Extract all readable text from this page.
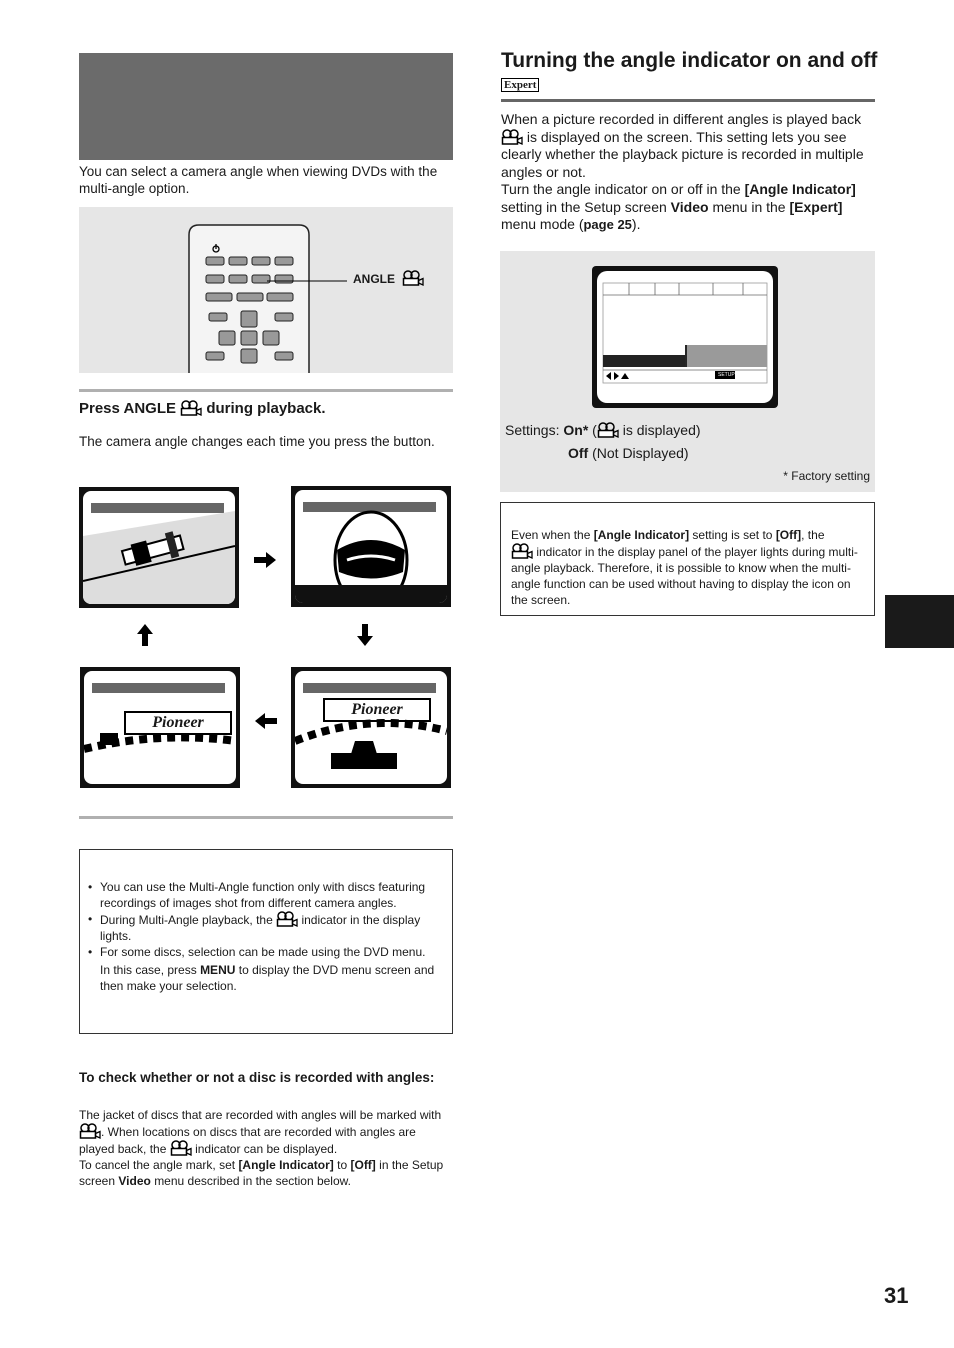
You can select a camera angle when viewing DVDs with the multi-angle option.
ANGLE
Press ANGLE during playback.
The camera angle changes each time you press the button.
Pioneer
Pioneer
• You can use the Multi-Angle function only with discs featuring recordings of images shot from different camera angles.
• During Multi-Angle playback, the indicator in the display lights.
• For some discs, selection can be made using the DVD menu.
In this case, press MENU to display the DVD menu screen and then make your selection.
To check whether or not a disc is recorded with angles:
The jacket of discs that are recorded with angles will be marked with
. When locations on discs that are recorded with angles are played back, the indicator can be displayed.
To cancel the angle mark, set [Angle Indicator] to [Off] in the Setup screen Video menu described in the section below.
Turning the angle indicator on and off Expert
When a picture recorded in different angles is played back
is displayed on the screen. This setting lets you see clearly whether the playback picture is recorded in multiple angles or not.
Turn the angle indicator on or off in the [Angle Indicator] setting in the Setup screen Video menu in the [Expert] menu mode (page 25).
SETUP
Settings: On* ( is displayed)
Off (Not Displayed)
* Factory setting
Even when the [Angle Indicator] setting is set to [Off], the

indicator in the display panel of the player lights during multi-angle playback. Therefore, it is possible to know when the multi-angle function can be used without having to display the icon on the screen.
31
